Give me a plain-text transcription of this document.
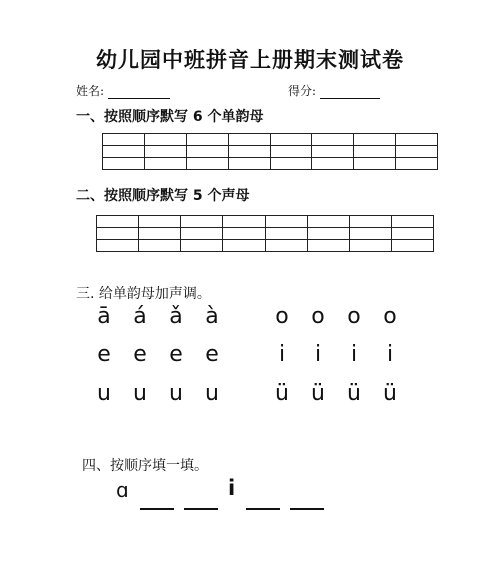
幼儿园中班拼音上册期末测试卷
姓名:	得分:
一、按照顺序默写 6 个单韵母

二、按照顺序默写 5 个声母

三. 给单韵母加声调。
ā	á	ǎ	à	o	o	o	o
e	e	e	e	i	i	i	i
u	u	u	u	ü	ü	ü	ü
四、按顺序填一填。
ɑ	i
